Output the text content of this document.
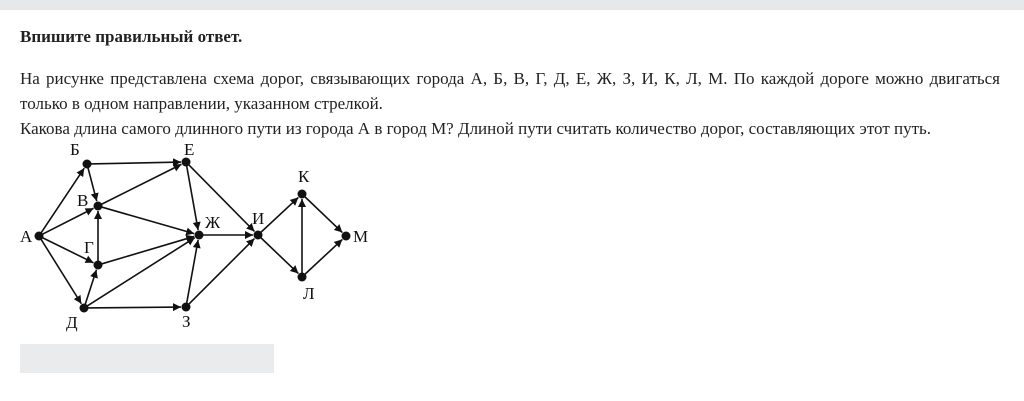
Впишите правильный ответ.

На рисунке представлена схема дорог, связывающих города А, Б, В, Г, Д, Е, Ж, З, И, К, Л, М. По каждой дороге можно двигаться только в одном направлении, указанном стрелкой.

Какова длина самого длинного пути из города А в город М? Длиной пути считать количество дорог, составляющих этот путь.

А
Б
В
Г
Д
Е
Ж
З
И
К
Л
М
